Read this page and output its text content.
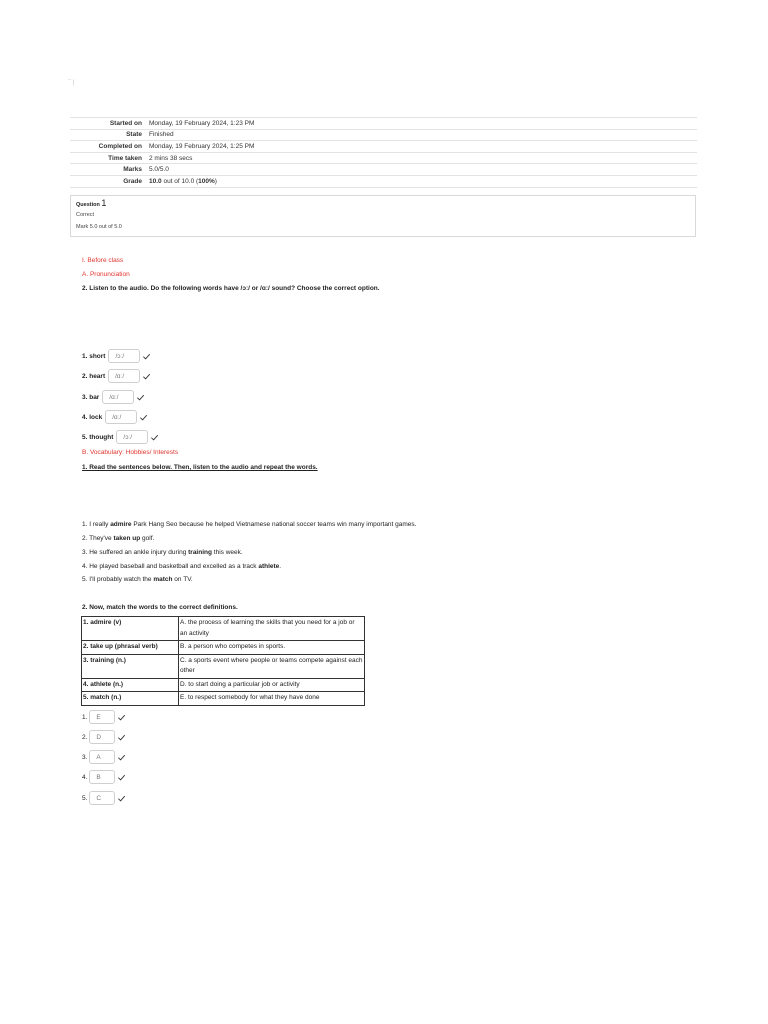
¯ |
Started on	Monday, 19 February 2024, 1:23 PM
State	Finished
Completed on	Monday, 19 February 2024, 1:25 PM
Time taken	2 mins 38 secs
Marks	5.0/5.0
Grade	10.0 out of 10.0 (100%)
Question 1
Correct
Mark 5.0 out of 5.0
I. Before class
A. Pronunciation
2. Listen to the audio. Do the following words have /ɔː/ or /ɑː/ sound? Choose the correct option.
1. short	/ɔː/
2. heart	/ɑː/
3. bar	/ɑː/
4. lock	/ɑː/
5. thought	/ɔː/
B. Vocabulary: Hobbies/ Interests
1. Read the sentences below. Then, listen to the audio and repeat the words.
1. I really admire Park Hang Seo because he helped Vietnamese national soccer teams win many important games.
2. They've taken up golf.
3. He suffered an ankle injury during training this week.
4. He played baseball and basketball and excelled as a track athlete.
5. I'll probably watch the match on TV.
2. Now, match the words to the correct definitions.
1. admire (v)	A. the process of learning the skills that you need for a job or an activity
2. take up (phrasal verb)	B. a person who competes in sports.
3. training (n.)	C. a sports event where people or teams compete against each other
4. athlete (n.)	D. to start doing a particular job or activity
5. match (n.)	E. to respect somebody for what they have done
1.	E
2.	D
3.	A
4.	B
5.	C
